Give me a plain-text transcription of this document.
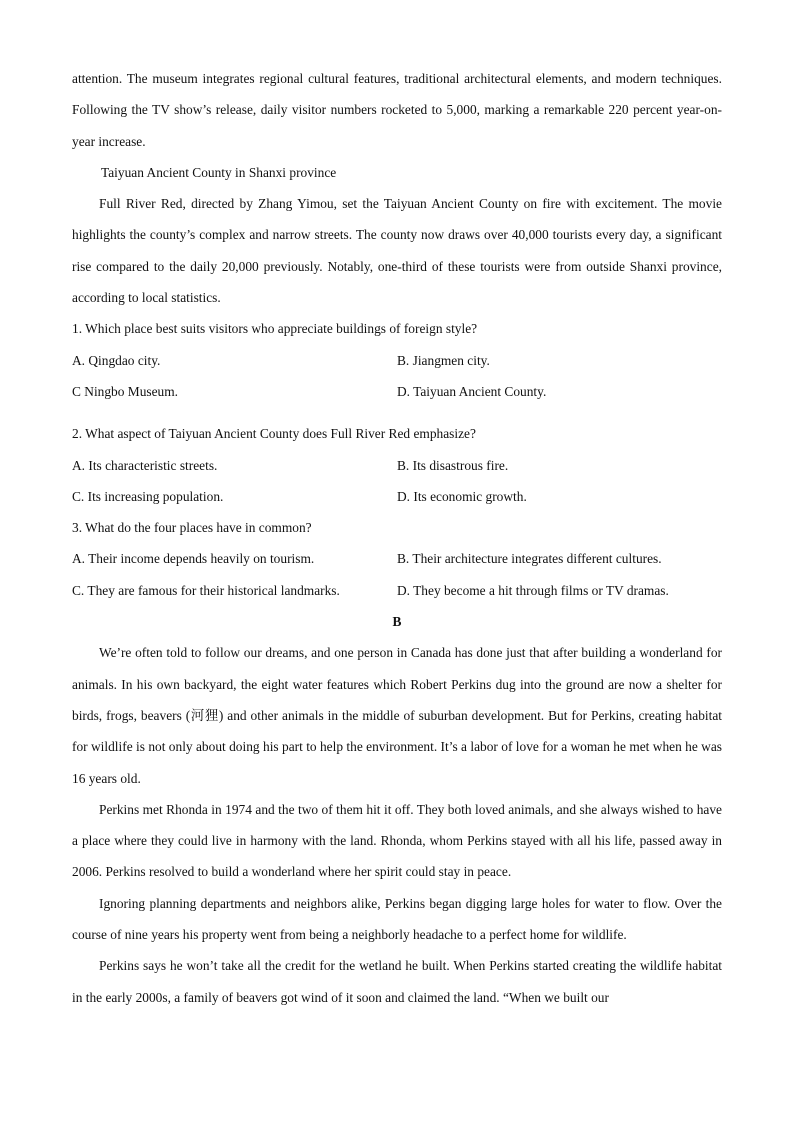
attention. The museum integrates regional cultural features, traditional architectural elements, and modern techniques. Following the TV show’s release, daily visitor numbers rocketed to 5,000, marking a remarkable 220 percent year-on-year increase.

Taiyuan Ancient County in Shanxi province

Full River Red, directed by Zhang Yimou, set the Taiyuan Ancient County on fire with excitement. The movie highlights the county’s complex and narrow streets. The county now draws over 40,000 tourists every day, a significant rise compared to the daily 20,000 previously. Notably, one-third of these tourists were from outside Shanxi province, according to local statistics.

1. Which place best suits visitors who appreciate buildings of foreign style?

A. Qingdao city.	B. Jiangmen city.
C Ningbo Museum.	D. Taiyuan Ancient County.

2. What aspect of Taiyuan Ancient County does Full River Red emphasize?

A. Its characteristic streets.	B. Its disastrous fire.
C. Its increasing population.	D. Its economic growth.

3. What do the four places have in common?

A. Their income depends heavily on tourism.	B. Their architecture integrates different cultures.
C. They are famous for their historical landmarks.	D. They become a hit through films or TV dramas.

B

We’re often told to follow our dreams, and one person in Canada has done just that after building a wonderland for animals. In his own backyard, the eight water features which Robert Perkins dug into the ground are now a shelter for birds, frogs, beavers (河狸) and other animals in the middle of suburban development. But for Perkins, creating habitat for wildlife is not only about doing his part to help the environment. It’s a labor of love for a woman he met when he was 16 years old.

Perkins met Rhonda in 1974 and the two of them hit it off. They both loved animals, and she always wished to have a place where they could live in harmony with the land. Rhonda, whom Perkins stayed with all his life, passed away in 2006. Perkins resolved to build a wonderland where her spirit could stay in peace.

Ignoring planning departments and neighbors alike, Perkins began digging large holes for water to flow. Over the course of nine years his property went from being a neighborly headache to a perfect home for wildlife.

Perkins says he won’t take all the credit for the wetland he built. When Perkins started creating the wildlife habitat in the early 2000s, a family of beavers got wind of it soon and claimed the land. “When we built our
